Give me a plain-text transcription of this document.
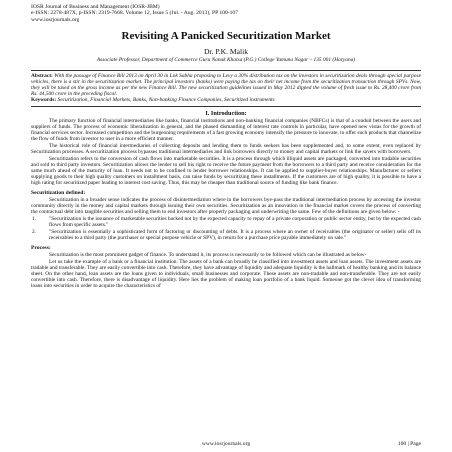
IOSR Journal of Business and Management (IOSR-JBM)
e-ISSN: 2278-487X, p-ISSN: 2319-7668. Volume 12, Issue 5 (Jul. - Aug. 2013), PP 100-107
www.iosrjournals.org
Revisiting A Panicked Securitization Market
Dr. P.K. Malik
Associate Professor, Department of Commerce Guru Nanak Khalsa (P.G.) College Yamuna Nagar – 135 001 (Haryana)
Abstract: With the passage of Finance Bill 2013 on April 30 in Lok Sabha proposing to Levy a 30% distribution tax on the investors in securitization deals through special purpose vehicles, there is a stir in the securitization market. The principal investors (banks) were paying the tax on their net income from the securitization transaction through SPVs. Now, they will be taxed on the gross income as per the new Finance Bill. The new securitization guidelines issued in May 2012 dipped the volume of fresh issue to Rs. 28,400 crore from Rs. 44,500 crore in the preceding fiscal.
Keywords: Securitization, Financial Markets, Banks, Non-banking Finance Companies, Securitized instruments
I. Introduction:

The primary function of financial intermediaries like banks, financial institutions and non-banking financial companies (NBFCs) is that of a conduit between the users and suppliers of funds. The process of economic liberalization in general, and the phased dismantling of interest rate controls in particular, have opened new vistas for the growth of financial services sector. Increased competition and the burgeoning requirements of a fast growing economy intensify the pressure to innovate, to offer such products that channelize the flow of funds from investor to user in a more efficient manner.

The historical role of financial intermediaries of collecting deposits and lending them to funds seekers has been supplemented and, to some extent, even replaced by Securitization processes. A securitization process bypasses traditional intermediaries and link borrowers directly to money and capital markets or link the savers with borrowers.

Securitization refers to the conversion of cash flows into marketable securities. It is a process through which illiquid assets are packaged, converted into tradable securities and sold to third party investors. Securitization allows the lender to sell his right to receive the future payment from the borrowers to a third party and receive consideration for the same much ahead of the maturity of loan. It needs not to be confined to lender borrower relationships. It can be applied to supplier-buyer relationships. Manufacturer or sellers supplying goods to their high quality customers on installment basis, can raise funds by securitizing these installments. If the customers are of high quality, it is possible to have a high rating for securitized paper leading to interest cost saving. Thus, this may be cheaper than traditional source of funding like bank finance.

Securitization defined:

Securitization in a broader sense indicates the process of disintermediation where in the borrowers bye-pass the traditional intermediation process by accessing the investor community directly in the money and capital markets through issuing their own securities. Securitization as an innovation in the financial market covers the process of converting the contractual debt into tangible securities and selling them to end investors after properly packaging and underwriting the same. Few of the definitions are given below: -

1. "Securitization is the issuance of marketable securities backed not by the expected capacity to repay of a private corporation or public sector entity, but by the expected cash flows from specific assets."
2. "Securitization is essentially a sophisticated form of factoring or discounting of debts. It is a process where an owner of receivables (the originator or seller) sells off its receivables to a third party (the purchaser or special purpose vehicle or SPV), in return for a purchase price payable immediately on sale."
Process:

Securitization is the most prominent gadget of finance. To understand it, its process is necessarily to be followed which can be illustrated as below-

Let us take the example of a bank or a financial institution. The assets of a bank can broadly be classified into investment assets and loan assets. The investment assets are tradable and transferable. They are easily convertible into cash. Therefore, they have advantage of liquidity and adequate liquidity is the hallmark of healthy banking and its balance sheet. On the other hand, loan assets are the loans given to individuals, small businesses and corporate. These assets are non-tradable and non-transferable. They are not easily convertible into cash. Therefore, there is disadvantage of liquidity. Here lies the problem of making loan portfolio of a bank liquid. Someone got the clever idea of transforming loans into securities in order to acquire the characteristics of

www.iosrjournals.org	100 | Page
